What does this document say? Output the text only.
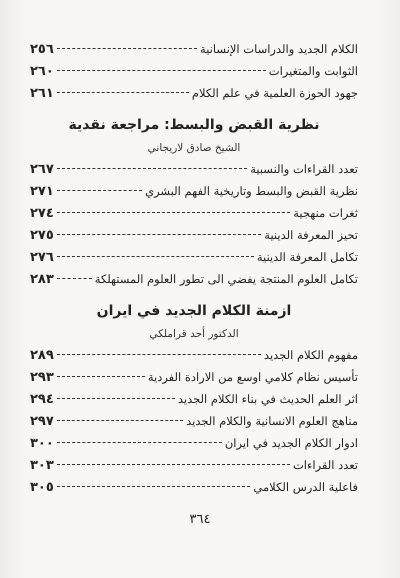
الكلام الجديد والدراسات الإنسانية
٢٥٦
الثوابت والمتغيرات
٢٦٠
جهود الحوزة العلمية في علم الكلام
٢٦١
نظرية القبض والبسط: مراجعة نقدية
الشيخ صادق لاريجاني
تعدد القراءات والنسبية
٢٦٧
نظرية القبض والبسط وتاريخية الفهم البشري
٢٧١
ثغرات منهجية
٢٧٤
تحيز المعرفة الدينية
٢٧٥
تكامل المعرفة الدينية
٢٧٦
تكامل العلوم المنتجة يفضي الى تطور العلوم المستهلكة
٢٨٣
ازمنة الكلام الجديد في ايران
الدكتور أحد قراملكي
مفهوم الكلام الجديد
٢٨٩
تأسيس نظام كلامي اوسع من الارادة الفردية
٢٩٣
اثر العلم الحديث في بناء الكلام الجديد
٢٩٤
مناهج العلوم الانسانية والكلام الجديد
٢٩٧
ادوار الكلام الجديد في ايران
٣٠٠
تعدد القراءات
٣٠٣
فاعلية الدرس الكلامي
٣٠٥
٣٦٤
